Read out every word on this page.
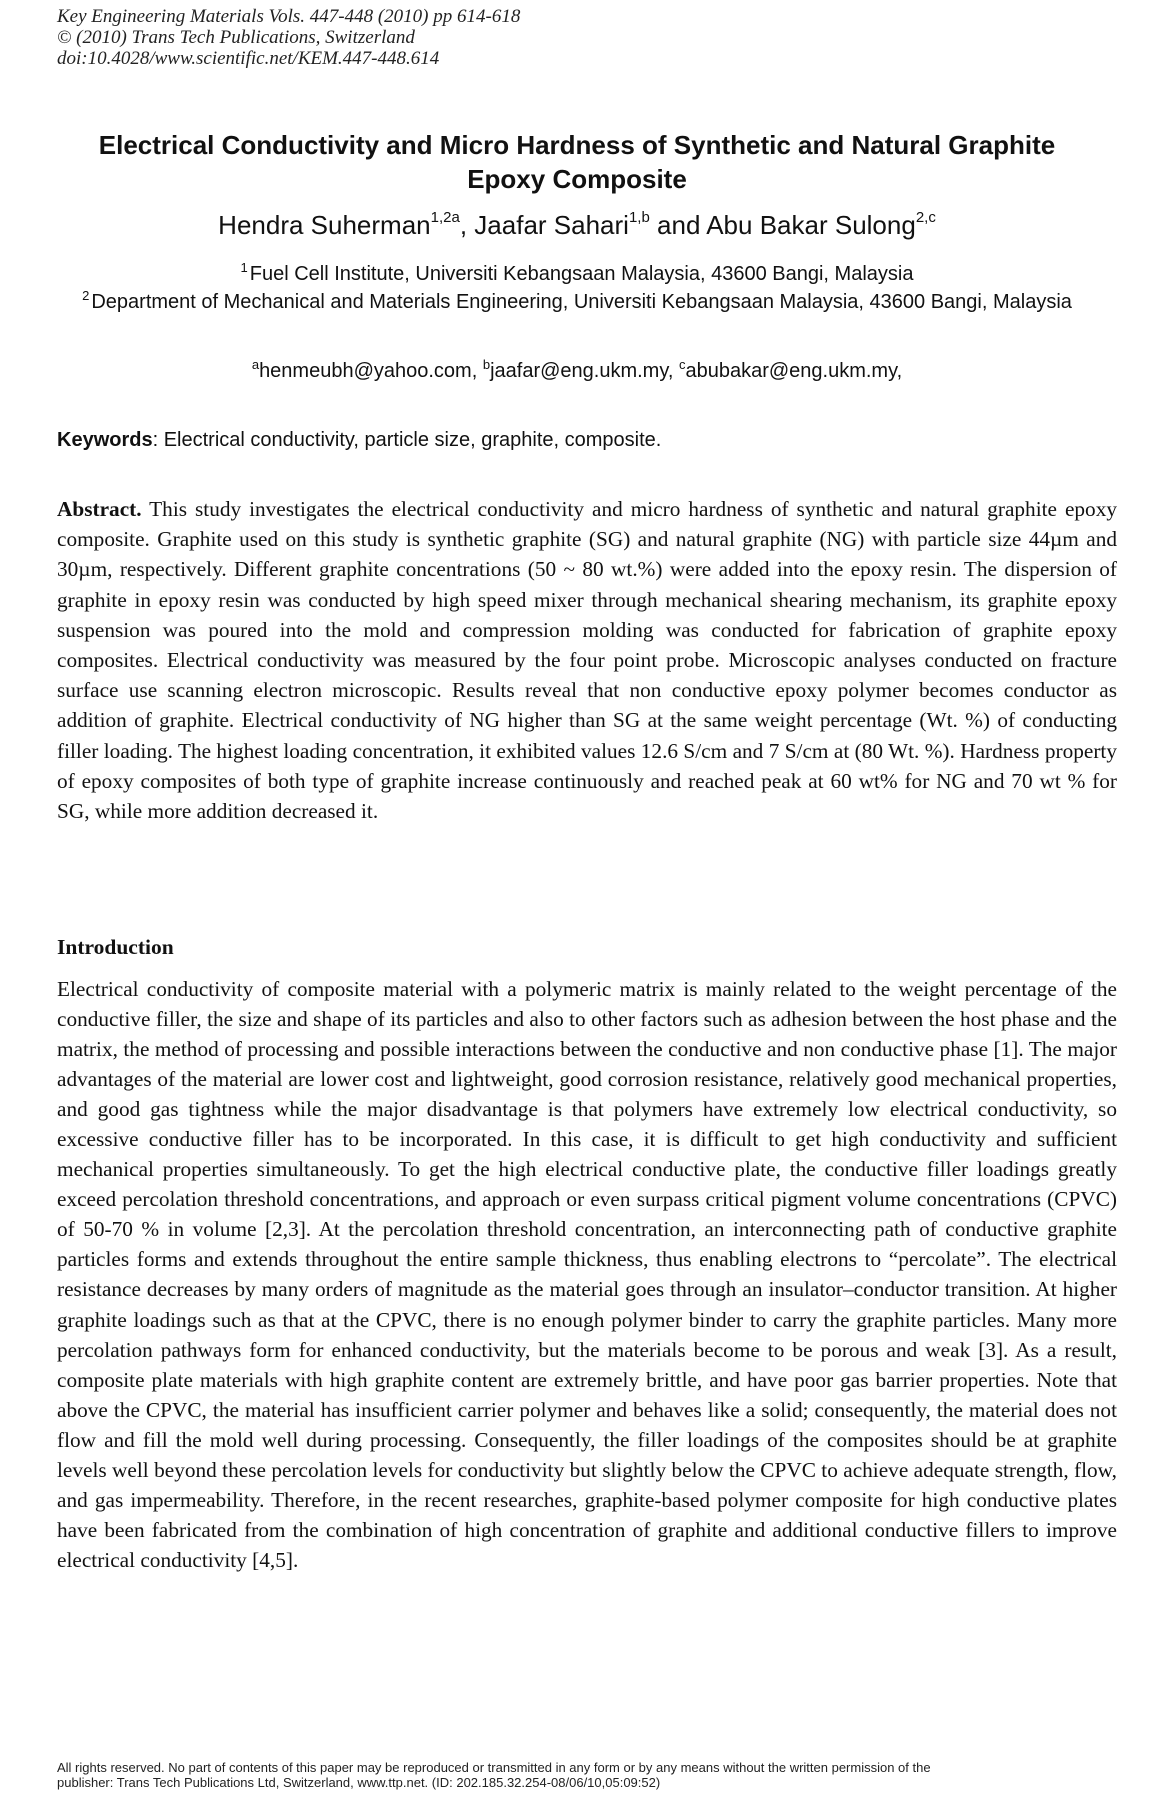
Key Engineering Materials Vols. 447-448 (2010) pp 614-618
© (2010) Trans Tech Publications, Switzerland
doi:10.4028/www.scientific.net/KEM.447-448.614
Electrical Conductivity and Micro Hardness of Synthetic and Natural Graphite Epoxy Composite
Hendra Suherman$^{1,2a}$, Jaafar Sahari$^{1,b}$ and Abu Bakar Sulong$^{2,c}$
$^1$ Fuel Cell Institute, Universiti Kebangsaan Malaysia, 43600 Bangi, Malaysia
$^2$ Department of Mechanical and Materials Engineering, Universiti Kebangsaan Malaysia, 43600 Bangi, Malaysia
$^a$henmeubh@yahoo.com, $^b$jaafar@eng.ukm.my, $^c$abubakar@eng.ukm.my,
Keywords: Electrical conductivity, particle size, graphite, composite.
Abstract. This study investigates the electrical conductivity and micro hardness of synthetic and natural graphite epoxy composite. Graphite used on this study is synthetic graphite (SG) and natural graphite (NG) with particle size 44µm and 30µm, respectively. Different graphite concentrations (50 ~ 80 wt.%) were added into the epoxy resin. The dispersion of graphite in epoxy resin was conducted by high speed mixer through mechanical shearing mechanism, its graphite epoxy suspension was poured into the mold and compression molding was conducted for fabrication of graphite epoxy composites. Electrical conductivity was measured by the four point probe. Microscopic analyses conducted on fracture surface use scanning electron microscopic. Results reveal that non conductive epoxy polymer becomes conductor as addition of graphite. Electrical conductivity of NG higher than SG at the same weight percentage (Wt. %) of conducting filler loading. The highest loading concentration, it exhibited values 12.6 S/cm and 7 S/cm at (80 Wt. %). Hardness property of epoxy composites of both type of graphite increase continuously and reached peak at 60 wt% for NG and 70 wt % for SG, while more addition decreased it.
Introduction
Electrical conductivity of composite material with a polymeric matrix is mainly related to the weight percentage of the conductive filler, the size and shape of its particles and also to other factors such as adhesion between the host phase and the matrix, the method of processing and possible interactions between the conductive and non conductive phase [1]. The major advantages of the material are lower cost and lightweight, good corrosion resistance, relatively good mechanical properties, and good gas tightness while the major disadvantage is that polymers have extremely low electrical conductivity, so excessive conductive filler has to be incorporated. In this case, it is difficult to get high conductivity and sufficient mechanical properties simultaneously. To get the high electrical conductive plate, the conductive filler loadings greatly exceed percolation threshold concentrations, and approach or even surpass critical pigment volume concentrations (CPVC) of 50-70 % in volume [2,3]. At the percolation threshold concentration, an interconnecting path of conductive graphite particles forms and extends throughout the entire sample thickness, thus enabling electrons to “percolate”. The electrical resistance decreases by many orders of magnitude as the material goes through an insulator–conductor transition. At higher graphite loadings such as that at the CPVC, there is no enough polymer binder to carry the graphite particles. Many more percolation pathways form for enhanced conductivity, but the materials become to be porous and weak [3]. As a result, composite plate materials with high graphite content are extremely brittle, and have poor gas barrier properties. Note that above the CPVC, the material has insufficient carrier polymer and behaves like a solid; consequently, the material does not flow and fill the mold well during processing. Consequently, the filler loadings of the composites should be at graphite levels well beyond these percolation levels for conductivity but slightly below the CPVC to achieve adequate strength, flow, and gas impermeability. Therefore, in the recent researches, graphite-based polymer composite for high conductive plates have been fabricated from the combination of high concentration of graphite and additional conductive fillers to improve electrical conductivity [4,5].
All rights reserved. No part of contents of this paper may be reproduced or transmitted in any form or by any means without the written permission of the
publisher: Trans Tech Publications Ltd, Switzerland, www.ttp.net. (ID: 202.185.32.254-08/06/10,05:09:52)
